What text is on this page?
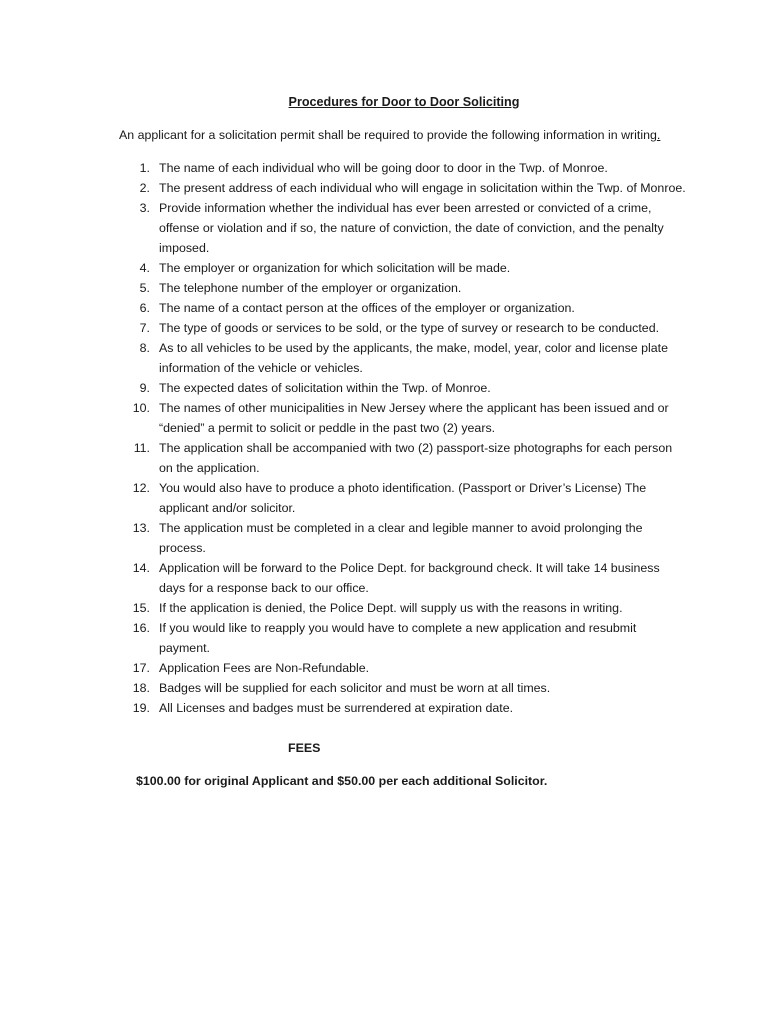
Procedures for Door to Door Soliciting
An applicant for a solicitation permit shall be required to provide the following information in writing.
1. The name of each individual who will be going door to door in the Twp. of Monroe.
2. The present address of each individual who will engage in solicitation within the Twp. of Monroe.
3. Provide information whether the individual has ever been arrested or convicted of a crime, offense or violation and if so, the nature of conviction, the date of conviction, and the penalty imposed.
4. The employer or organization for which solicitation will be made.
5. The telephone number of the employer or organization.
6. The name of a contact person at the offices of the employer or organization.
7. The type of goods or services to be sold, or the type of survey or research to be conducted.
8. As to all vehicles to be used by the applicants, the make, model, year, color and license plate information of the vehicle or vehicles.
9. The expected dates of solicitation within the Twp. of Monroe.
10. The names of other municipalities in New Jersey where the applicant has been issued and or “denied” a permit to solicit or peddle in the past two (2) years.
11. The application shall be accompanied with two (2) passport-size photographs for each person on the application.
12. You would also have to produce a photo identification. (Passport or Driver’s License) The applicant and/or solicitor.
13. The application must be completed in a clear and legible manner to avoid prolonging the process.
14. Application will be forward to the Police Dept. for background check. It will take 14 business days for a response back to our office.
15. If the application is denied, the Police Dept. will supply us with the reasons in writing.
16. If you would like to reapply you would have to complete a new application and resubmit payment.
17. Application Fees are Non-Refundable.
18. Badges will be supplied for each solicitor and must be worn at all times.
19. All Licenses and badges must be surrendered at expiration date.
FEES
$100.00 for original Applicant and $50.00 per each additional Solicitor.
